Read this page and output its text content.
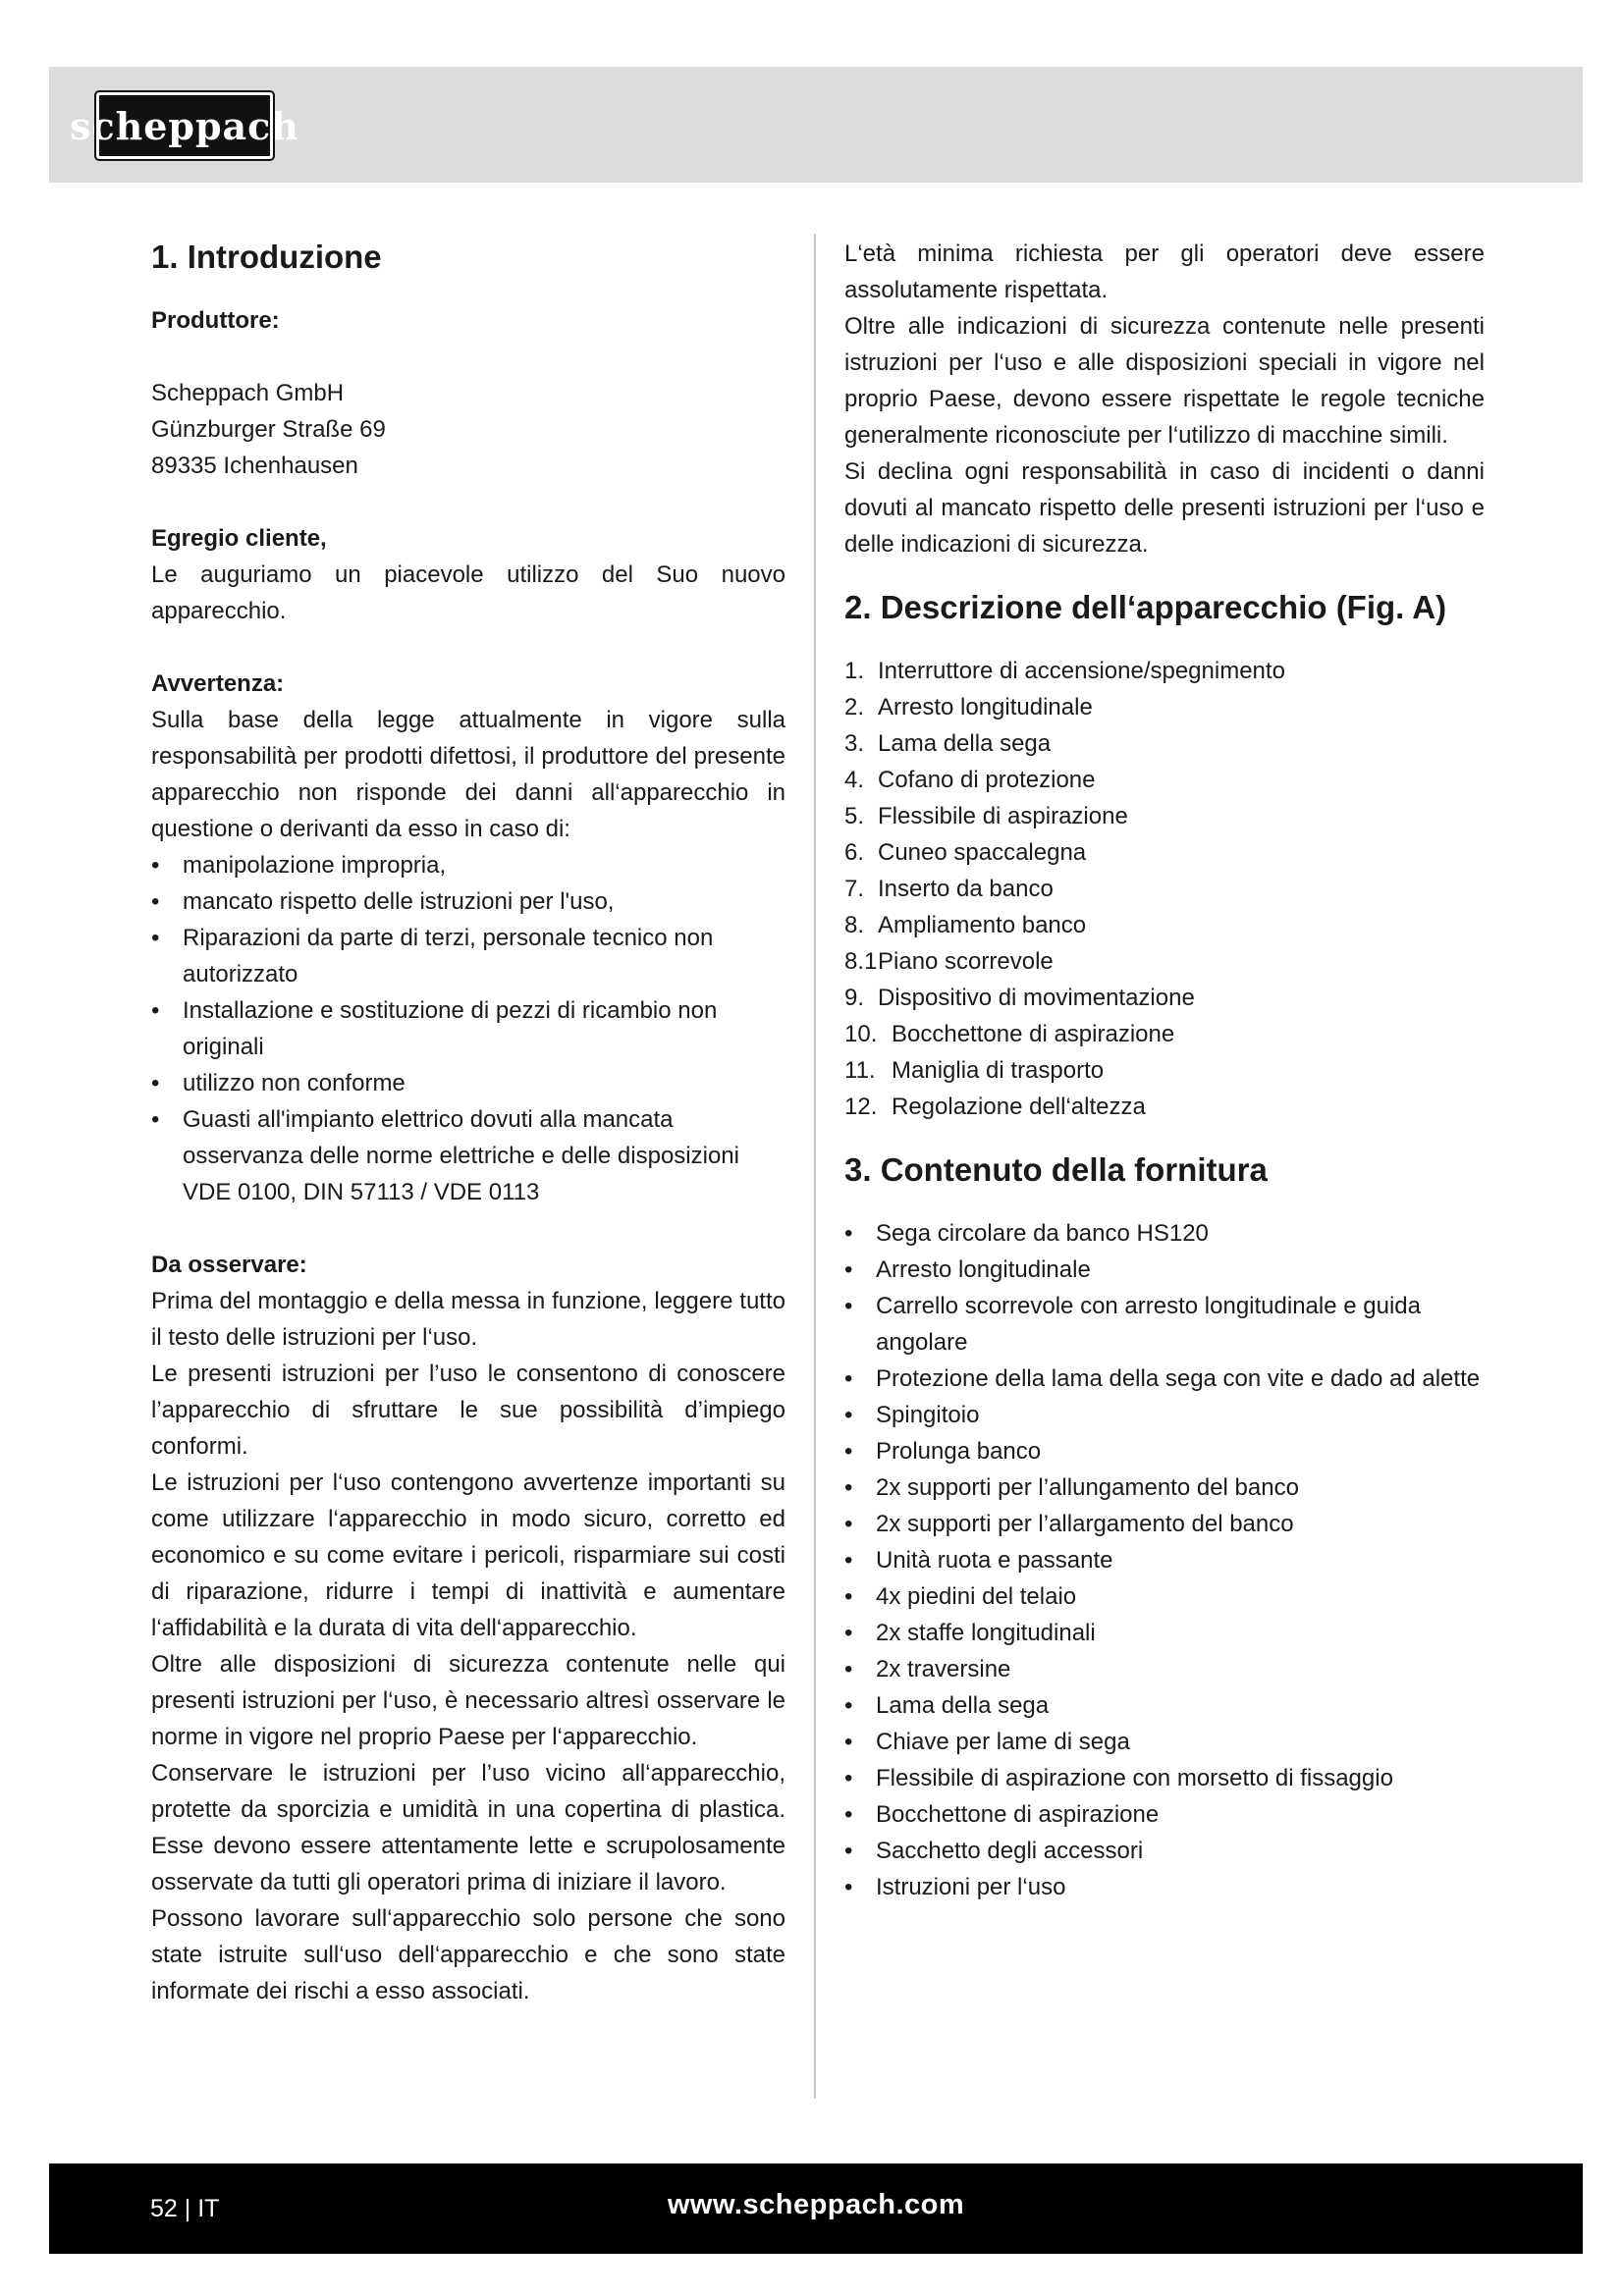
scheppach
1. Introduzione
Produttore:

Scheppach GmbH

Günzburger Straße 69

89335 Ichenhausen

Egregio cliente,

Le auguriamo un piacevole utilizzo del Suo nuovo apparecchio.

Avvertenza:

Sulla base della legge attualmente in vigore sulla responsabilità per prodotti difettosi, il produttore del presente apparecchio non risponde dei danni all‘apparecchio in questione o derivanti da esso in caso di:

• manipolazione impropria,
• mancato rispetto delle istruzioni per l'uso,
• Riparazioni da parte di terzi, personale tecnico non autorizzato
• Installazione e sostituzione di pezzi di ricambio non originali
• utilizzo non conforme
• Guasti all'impianto elettrico dovuti alla mancata osservanza delle norme elettriche e delle disposizioni VDE 0100, DIN 57113 / VDE 0113
Da osservare:

Prima del montaggio e della messa in funzione, leggere tutto il testo delle istruzioni per l‘uso.

Le presenti istruzioni per l’uso le consentono di conoscere l’apparecchio di sfruttare le sue possibilità d’impiego conformi.

Le istruzioni per l‘uso contengono avvertenze importanti su come utilizzare l‘apparecchio in modo sicuro, corretto ed economico e su come evitare i pericoli, risparmiare sui costi di riparazione, ridurre i tempi di inattività e aumentare l‘affidabilità e la durata di vita dell‘apparecchio.

Oltre alle disposizioni di sicurezza contenute nelle qui presenti istruzioni per l‘uso, è necessario altresì osservare le norme in vigore nel proprio Paese per l‘apparecchio.

Conservare le istruzioni per l’uso vicino all‘apparecchio, protette da sporcizia e umidità in una copertina di plastica. Esse devono essere attentamente lette e scrupolosamente osservate da tutti gli operatori prima di iniziare il lavoro.

Possono lavorare sull‘apparecchio solo persone che sono state istruite sull‘uso dell‘apparecchio e che sono state informate dei rischi a esso associati.

L‘età minima richiesta per gli operatori deve essere assolutamente rispettata.

Oltre alle indicazioni di sicurezza contenute nelle presenti istruzioni per l‘uso e alle disposizioni speciali in vigore nel proprio Paese, devono essere rispettate le regole tecniche generalmente riconosciute per l‘utilizzo di macchine simili.

Si declina ogni responsabilità in caso di incidenti o danni dovuti al mancato rispetto delle presenti istruzioni per l‘uso e delle indicazioni di sicurezza.

2. Descrizione dell‘apparecchio (Fig. A)
1. Interruttore di accensione/spegnimento
2. Arresto longitudinale
3. Lama della sega
4. Cofano di protezione
5. Flessibile di aspirazione
6. Cuneo spaccalegna
7. Inserto da banco
8. Ampliamento banco
8.1 Piano scorrevole
9. Dispositivo di movimentazione
10. Bocchettone di aspirazione
11. Maniglia di trasporto
12. Regolazione dell‘altezza
3. Contenuto della fornitura
• Sega circolare da banco HS120
• Arresto longitudinale
• Carrello scorrevole con arresto longitudinale e guida angolare
• Protezione della lama della sega con vite e dado ad alette
• Spingitoio
• Prolunga banco
• 2x supporti per l’allungamento del banco
• 2x supporti per l’allargamento del banco
• Unità ruota e passante
• 4x piedini del telaio
• 2x staffe longitudinali
• 2x traversine
• Lama della sega
• Chiave per lame di sega
• Flessibile di aspirazione con morsetto di fissaggio
• Bocchettone di aspirazione
• Sacchetto degli accessori
• Istruzioni per l‘uso
52 | IT	www.scheppach.com
